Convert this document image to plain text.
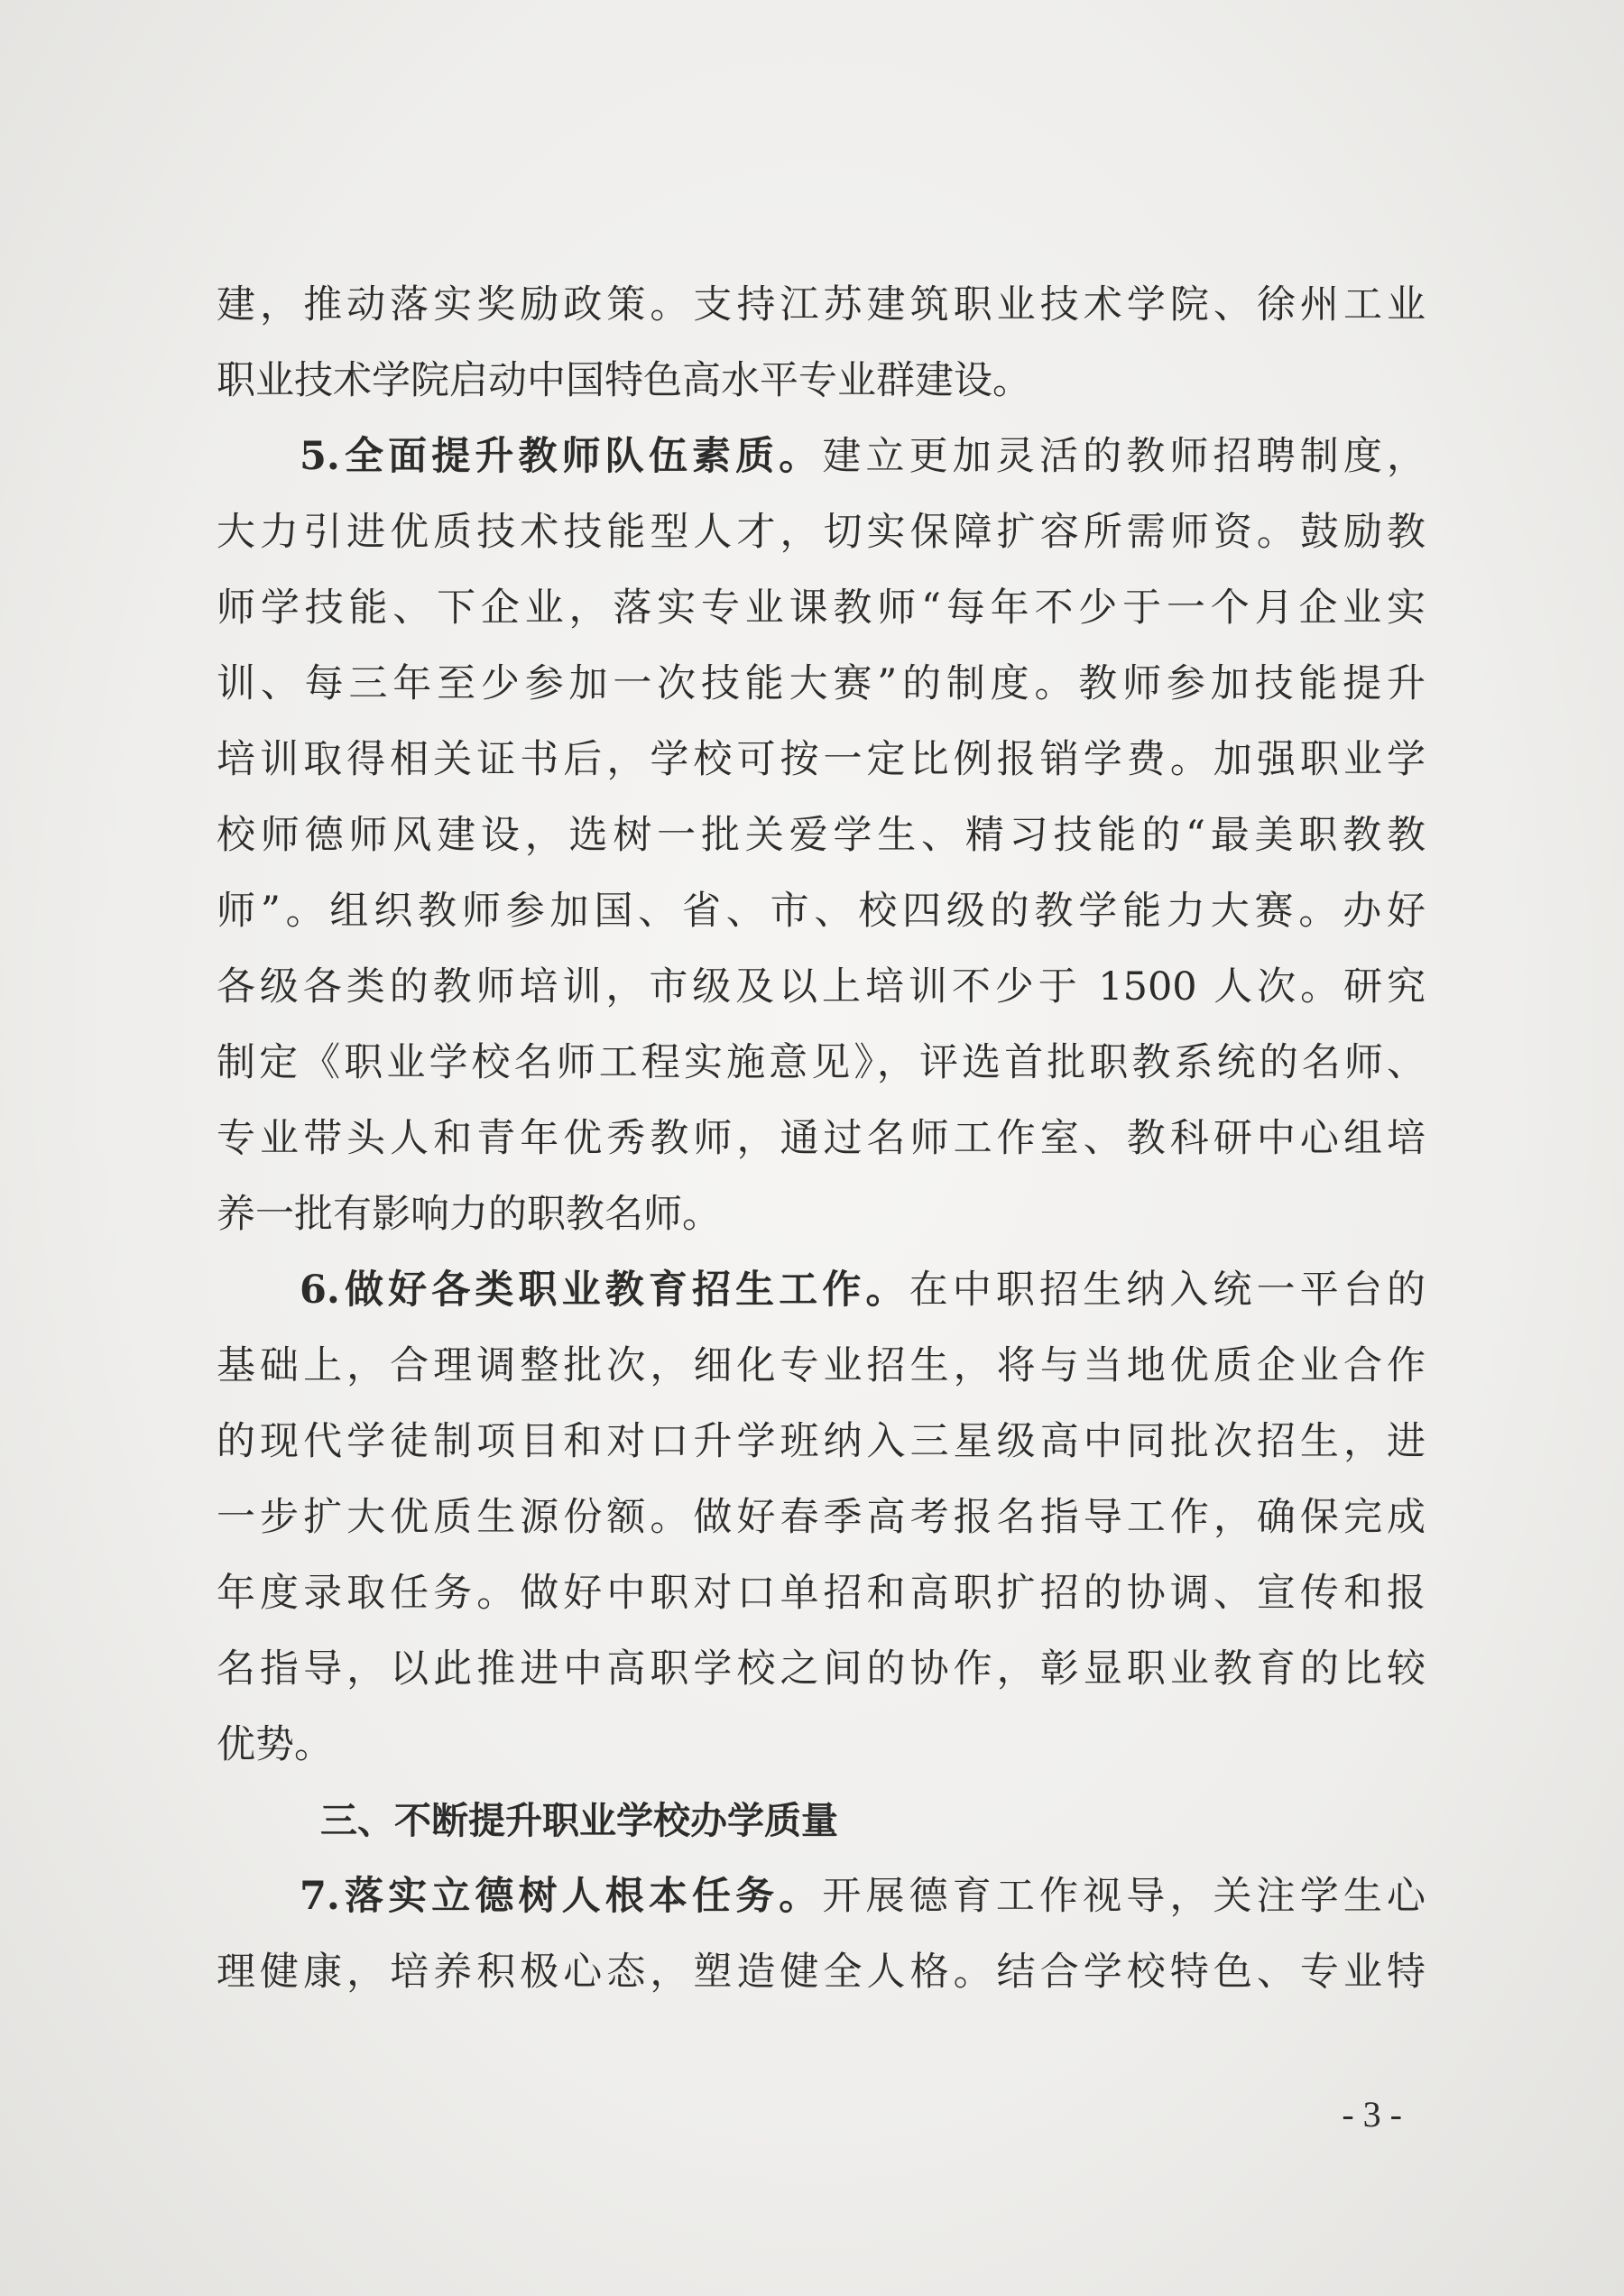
建，推动落实奖励政策。支持江苏建筑职业技术学院、徐州工业
职业技术学院启动中国特色高水平专业群建设。
5.全面提升教师队伍素质。建立更加灵活的教师招聘制度，
大力引进优质技术技能型人才，切实保障扩容所需师资。鼓励教
师学技能、下企业，落实专业课教师“每年不少于一个月企业实
训、每三年至少参加一次技能大赛”的制度。教师参加技能提升
培训取得相关证书后，学校可按一定比例报销学费。加强职业学
校师德师风建设，选树一批关爱学生、精习技能的“最美职教教
师”。组织教师参加国、省、市、校四级的教学能力大赛。办好
各级各类的教师培训，市级及以上培训不少于 1500 人次。研究
制定《职业学校名师工程实施意见》，评选首批职教系统的名师、
专业带头人和青年优秀教师，通过名师工作室、教科研中心组培
养一批有影响力的职教名师。
6.做好各类职业教育招生工作。在中职招生纳入统一平台的
基础上，合理调整批次，细化专业招生，将与当地优质企业合作
的现代学徒制项目和对口升学班纳入三星级高中同批次招生，进
一步扩大优质生源份额。做好春季高考报名指导工作，确保完成
年度录取任务。做好中职对口单招和高职扩招的协调、宣传和报
名指导，以此推进中高职学校之间的协作，彰显职业教育的比较
优势。
三、不断提升职业学校办学质量
7.落实立德树人根本任务。开展德育工作视导，关注学生心
理健康，培养积极心态，塑造健全人格。结合学校特色、专业特
- 3 -
